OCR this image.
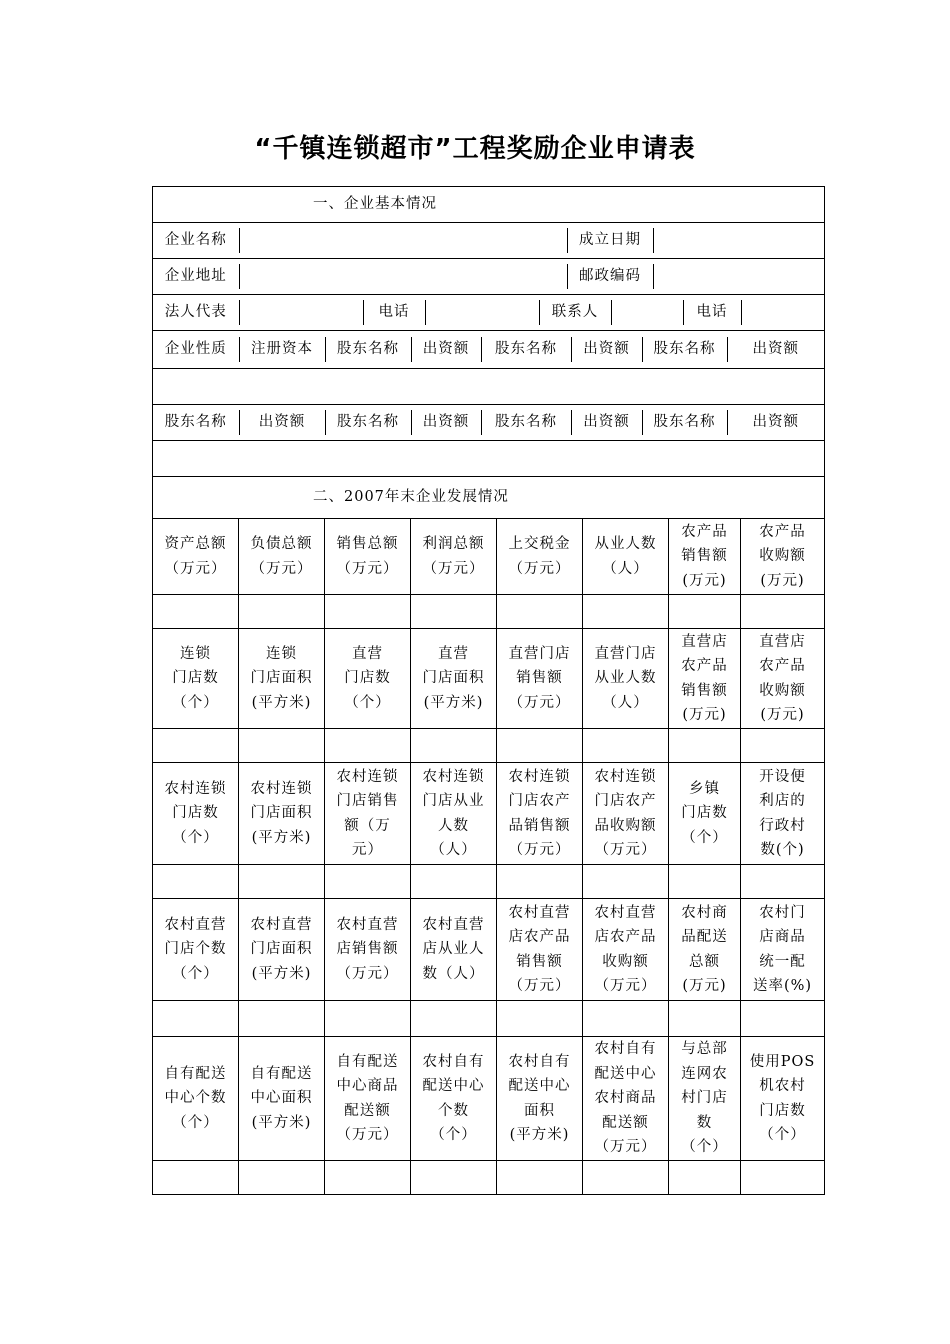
“千镇连锁超市”工程奖励企业申请表
一、企业基本情况

企业名称		成立日期	

企业地址		邮政编码	

法人代表		电话		联系人		电话	

企业性质	注册资本	股东名称	出资额	股东名称	出资额	股东名称	出资额

股东名称	出资额	股东名称	出资额	股东名称	出资额	股东名称	出资额

二、2007年末企业发展情况
资产总额
（万元）	负债总额
（万元）	销售总额
（万元）	利润总额
（万元）	上交税金
（万元）	从业人数
（人）	农产品
销售额
(万元)	农产品
收购额
(万元)

连锁
门店数
（个）	连锁
门店面积
(平方米)	直营
门店数
（个）	直营
门店面积
(平方米)	直营门店
销售额
（万元）	直营门店
从业人数
（人）	直营店
农产品
销售额
(万元)	直营店
农产品
收购额
(万元)

农村连锁
门店数
（个）	农村连锁
门店面积
(平方米)	农村连锁
门店销售
额（万
元）	农村连锁
门店从业
人数
（人）	农村连锁
门店农产
品销售额
（万元）	农村连锁
门店农产
品收购额
（万元）	乡镇
门店数
（个）	开设便
利店的
行政村
数(个)

农村直营
门店个数
（个）	农村直营
门店面积
(平方米)	农村直营
店销售额
（万元）	农村直营
店从业人
数（人）	农村直营
店农产品
销售额
（万元）	农村直营
店农产品
收购额
（万元）	农村商
品配送
总额
(万元)	农村门
店商品
统一配
送率(%)

自有配送
中心个数
（个）	自有配送
中心面积
(平方米)	自有配送
中心商品
配送额
（万元）	农村自有
配送中心
个数
（个）	农村自有
配送中心
面积
(平方米)	农村自有
配送中心
农村商品
配送额
（万元）	与总部
连网农
村门店
数
（个）	使用POS
机农村
门店数
（个）
